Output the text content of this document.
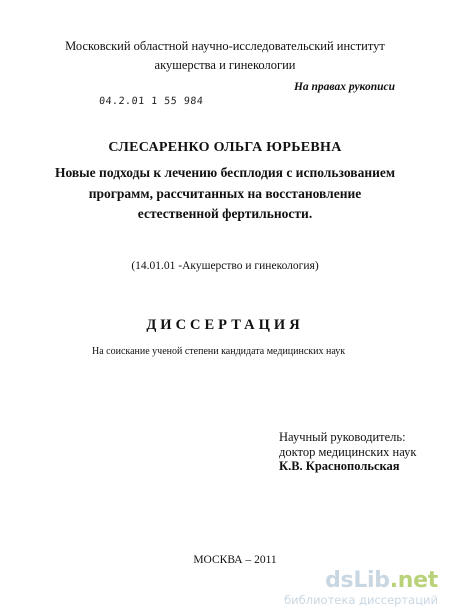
Московский областной научно-исследовательский институт
акушерства и гинекологии
На правах рукописи
04.2.01 1 55 984
СЛЕСАРЕНКО ОЛЬГА ЮРЬЕВНА
Новые подходы к лечению бесплодия с использованием
программ, рассчитанных на восстановление
естественной фертильности.
(14.01.01 -Акушерство и гинекология)
ДИССЕРТАЦИЯ
На соискание ученой степени кандидата медицинских наук
Научный руководитель:
доктор медицинских наук
К.В. Краснопольская
МОСКВА – 2011
dsLib.net
библиотека диссертаций
